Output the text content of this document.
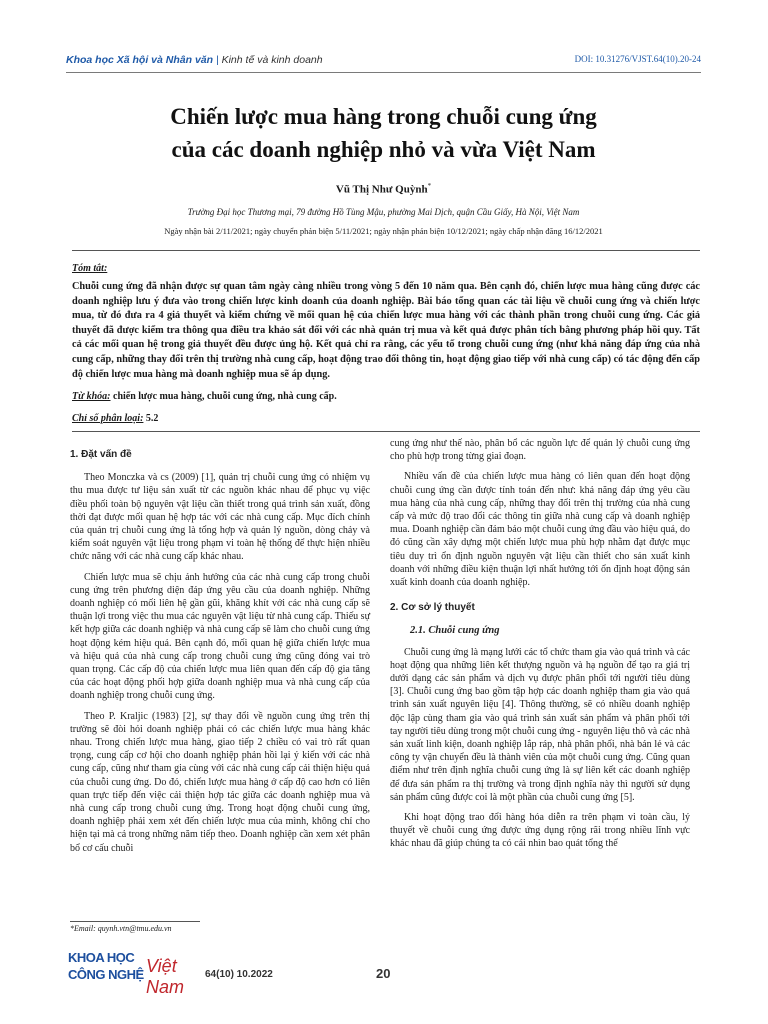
Khoa học Xã hội và Nhân văn | Kinh tế và kinh doanh	DOI: 10.31276/VJST.64(10).20-24
Chiến lược mua hàng trong chuỗi cung ứng
của các doanh nghiệp nhỏ và vừa Việt Nam
Vũ Thị Như Quỳnh*
Trường Đại học Thương mại, 79 đường Hồ Tùng Mậu, phường Mai Dịch, quận Cầu Giấy, Hà Nội, Việt Nam
Ngày nhận bài 2/11/2021; ngày chuyển phản biện 5/11/2021; ngày nhận phản biện 10/12/2021; ngày chấp nhận đăng 16/12/2021
Tóm tắt:
Chuỗi cung ứng đã nhận được sự quan tâm ngày càng nhiều trong vòng 5 đến 10 năm qua. Bên cạnh đó, chiến lược mua hàng cũng được các doanh nghiệp lưu ý đưa vào trong chiến lược kinh doanh của doanh nghiệp. Bài báo tổng quan các tài liệu về chuỗi cung ứng và chiến lược mua, từ đó đưa ra 4 giả thuyết và kiểm chứng về mối quan hệ của chiến lược mua hàng với các thành phần trong chuỗi cung ứng. Các giả thuyết đã được kiểm tra thông qua điều tra khảo sát đối với các nhà quản trị mua và kết quả được phân tích bằng phương pháp hồi quy. Tất cả các mối quan hệ trong giả thuyết đều được ủng hộ. Kết quả chỉ ra rằng, các yếu tố trong chuỗi cung ứng (như khả năng đáp ứng của nhà cung cấp, những thay đổi trên thị trường nhà cung cấp, hoạt động trao đổi thông tin, hoạt động giao tiếp với nhà cung cấp) có tác động đến cấp độ chiến lược mua hàng mà doanh nghiệp mua sẽ áp dụng.
Từ khóa: chiến lược mua hàng, chuỗi cung ứng, nhà cung cấp.
Chỉ số phân loại: 5.2
1. Đặt vấn đề

Theo Monczka và cs (2009) [1], quản trị chuỗi cung ứng có nhiệm vụ thu mua được tư liệu sản xuất từ các nguồn khác nhau để phục vụ việc điều phối toàn bộ nguyên vật liệu cần thiết trong quá trình sản xuất, đồng thời đạt được mối quan hệ hợp tác với các nhà cung cấp. Mục đích chính của quản trị chuỗi cung ứng là tổng hợp và quản lý nguồn, dòng chảy và kiểm soát nguyên vật liệu trong phạm vi toàn hệ thống để thực hiện nhiều chức năng với các nhà cung cấp khác nhau.

Chiến lược mua sẽ chịu ảnh hưởng của các nhà cung cấp trong chuỗi cung ứng trên phương diện đáp ứng yêu cầu của doanh nghiệp. Những doanh nghiệp có mối liên hệ gần gũi, khăng khít với các nhà cung cấp sẽ thuận lợi trong việc thu mua các nguyên vật liệu từ nhà cung cấp. Thiếu sự kết hợp giữa các doanh nghiệp và nhà cung cấp sẽ làm cho chuỗi cung ứng hoạt động kém hiệu quả. Bên cạnh đó, mối quan hệ giữa chiến lược mua và hiệu quả của nhà cung cấp trong chuỗi cung ứng cũng đóng vai trò quan trọng. Các cấp độ của chiến lược mua liên quan đến cấp độ gia tăng của các hoạt động phối hợp giữa doanh nghiệp mua và nhà cung cấp của doanh nghiệp trong chuỗi cung ứng.

Theo P. Kraljic (1983) [2], sự thay đổi về nguồn cung ứng trên thị trường sẽ đòi hỏi doanh nghiệp phải có các chiến lược mua hàng khác nhau. Trong chiến lược mua hàng, giao tiếp 2 chiều có vai trò rất quan trọng, cung cấp cơ hội cho doanh nghiệp phản hồi lại ý kiến với các nhà cung cấp, cũng như tham gia cùng với các nhà cung cấp cải thiện hiệu quả của chuỗi cung ứng. Do đó, chiến lược mua hàng ở cấp độ cao hơn có liên quan trực tiếp đến việc cải thiện hợp tác giữa các doanh nghiệp mua và nhà cung cấp trong chuỗi cung ứng. Trong hoạt động chuỗi cung ứng, doanh nghiệp phải xem xét đến chiến lược mua của mình, không chỉ cho hiện tại mà cả trong những năm tiếp theo. Doanh nghiệp cần xem xét phân bổ cơ cấu chuỗi

cung ứng như thế nào, phân bổ các nguồn lực để quản lý chuỗi cung ứng cho phù hợp trong từng giai đoạn.

Nhiều vấn đề của chiến lược mua hàng có liên quan đến hoạt động chuỗi cung ứng cần được tính toán đến như: khả năng đáp ứng yêu cầu mua hàng của nhà cung cấp, những thay đổi trên thị trường của nhà cung cấp và mức độ trao đổi các thông tin giữa nhà cung cấp và doanh nghiệp mua. Doanh nghiệp cần đảm bảo một chuỗi cung ứng đầu vào hiệu quả, do đó cũng cần xây dựng một chiến lược mua phù hợp nhằm đạt được mục tiêu duy trì ổn định nguồn nguyên vật liệu cần thiết cho sản xuất kinh doanh với những điều kiện thuận lợi nhất hướng tới ổn định hoạt động sản xuất kinh doanh của doanh nghiệp.

2. Cơ sở lý thuyết
2.1. Chuỗi cung ứng

Chuỗi cung ứng là mạng lưới các tổ chức tham gia vào quá trình và các hoạt động qua những liên kết thượng nguồn và hạ nguồn để tạo ra giá trị dưới dạng các sản phẩm và dịch vụ được phân phối tới người tiêu dùng [3]. Chuỗi cung ứng bao gồm tập hợp các doanh nghiệp tham gia vào quá trình sản xuất nguyên liệu [4]. Thông thường, sẽ có nhiều doanh nghiệp độc lập cùng tham gia vào quá trình sản xuất sản phẩm và phân phối tới tay người tiêu dùng trong một chuỗi cung ứng - nguyên liệu thô và các nhà sản xuất linh kiện, doanh nghiệp lắp ráp, nhà phân phối, nhà bán lẻ và các công ty vận chuyển đều là thành viên của một chuỗi cung ứng. Cũng quan điểm như trên định nghĩa chuỗi cung ứng là sự liên kết các doanh nghiệp để đưa sản phẩm ra thị trường và trong định nghĩa này thì người sử dụng sản phẩm cũng được coi là một phần của chuỗi cung ứng [5].

Khi hoạt động trao đổi hàng hóa diễn ra trên phạm vi toàn cầu, lý thuyết về chuỗi cung ứng được ứng dụng rộng rãi trong nhiều lĩnh vực khác nhau đã giúp chúng ta có cái nhìn bao quát tổng thể

*Email: quynh.vtn@tmu.edu.vn
KHOA HỌC
CÔNG NGHỆ Việt Nam
64(10) 10.2022	20
